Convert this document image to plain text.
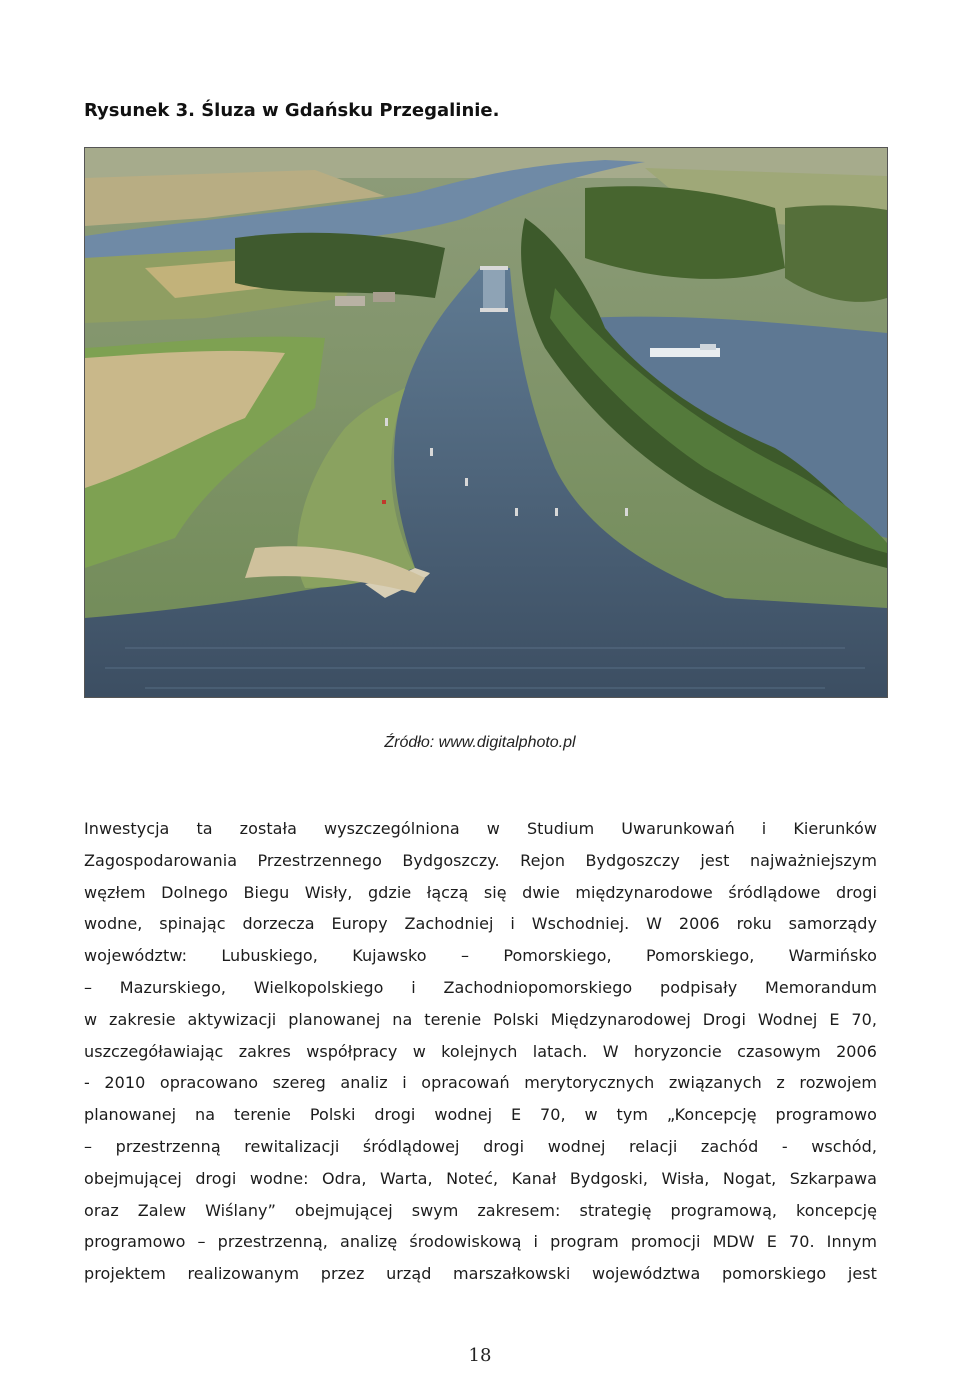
Rysunek 3. Śluza w Gdańsku Przegalinie.
Źródło: www.digitalphoto.pl
Inwestycja ta została wyszczególniona w Studium Uwarunkowań i Kierunków
Zagospodarowania Przestrzennego Bydgoszczy. Rejon Bydgoszczy jest najważniejszym
węzłem Dolnego Biegu Wisły, gdzie łączą się dwie międzynarodowe śródlądowe drogi
wodne, spinając dorzecza Europy Zachodniej i Wschodniej. W 2006 roku samorządy
województw: Lubuskiego, Kujawsko – Pomorskiego, Pomorskiego, Warmińsko
– Mazurskiego, Wielkopolskiego i Zachodniopomorskiego podpisały Memorandum
w zakresie aktywizacji planowanej na terenie Polski Międzynarodowej Drogi Wodnej E 70,
uszczegóławiając zakres współpracy w kolejnych latach. W horyzoncie czasowym 2006
- 2010 opracowano szereg analiz i opracowań merytorycznych związanych z rozwojem
planowanej na terenie Polski drogi wodnej E 70, w tym „Koncepcję programowo
– przestrzenną rewitalizacji śródlądowej drogi wodnej relacji zachód - wschód,
obejmującej drogi wodne: Odra, Warta, Noteć, Kanał Bydgoski, Wisła, Nogat, Szkarpawa
oraz Zalew Wiślany” obejmującej swym zakresem: strategię programową, koncepcję
programowo – przestrzenną, analizę środowiskową i program promocji MDW E 70. Innym
projektem realizowanym przez urząd marszałkowski województwa pomorskiego jest
18
